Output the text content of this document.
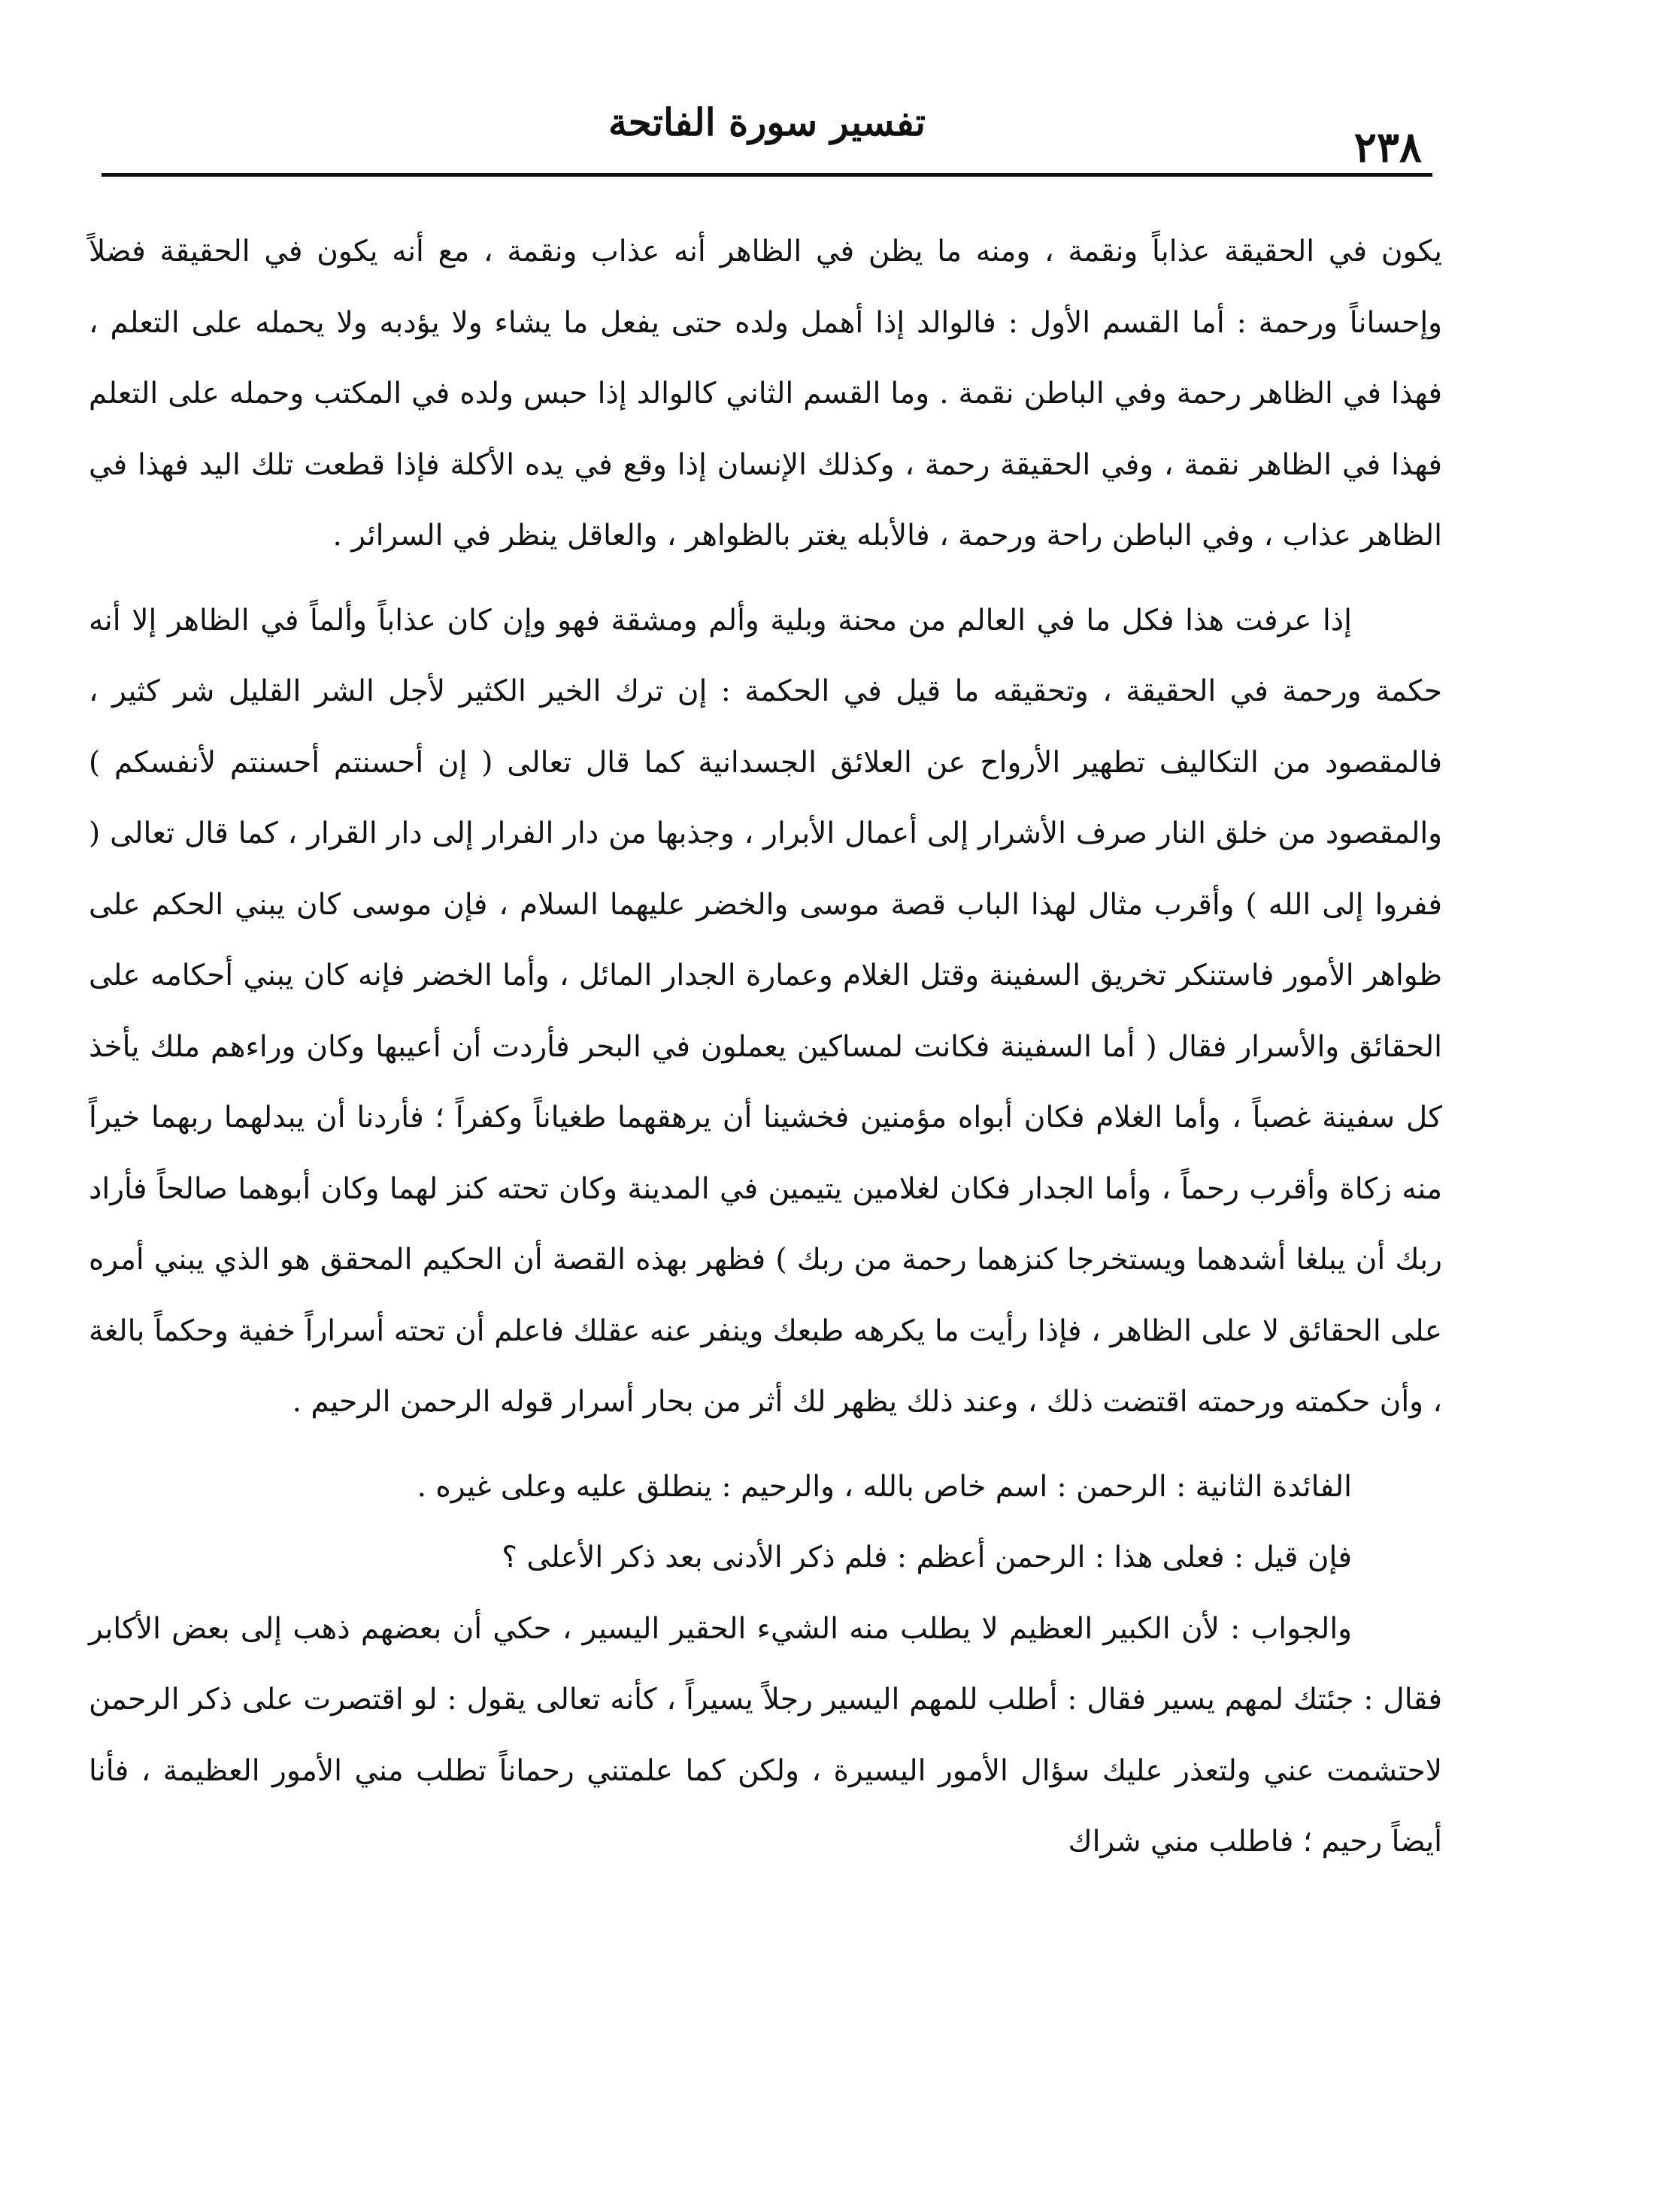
تفسير سورة الفاتحة
٢٣٨

يكون في الحقيقة عذاباً ونقمة ، ومنه ما يظن في الظاهر أنه عذاب ونقمة ، مع أنه يكون في الحقيقة فضلاً وإحساناً ورحمة : أما القسم الأول : فالوالد إذا أهمل ولده حتى يفعل ما يشاء ولا يؤدبه ولا يحمله على التعلم ، فهذا في الظاهر رحمة وفي الباطن نقمة . وما القسم الثاني كالوالد إذا حبس ولده في المكتب وحمله على التعلم فهذا في الظاهر نقمة ، وفي الحقيقة رحمة ، وكذلك الإنسان إذا وقع في يده الأكلة فإذا قطعت تلك اليد فهذا في الظاهر عذاب ، وفي الباطن راحة ورحمة ، فالأبله يغتر بالظواهر ، والعاقل ينظر في السرائر .

إذا عرفت هذا فكل ما في العالم من محنة وبلية وألم ومشقة فهو وإن كان عذاباً وألماً في الظاهر إلا أنه حكمة ورحمة في الحقيقة ، وتحقيقه ما قيل في الحكمة : إن ترك الخير الكثير لأجل الشر القليل شر كثير ، فالمقصود من التكاليف تطهير الأرواح عن العلائق الجسدانية كما قال تعالى ( إن أحسنتم أحسنتم لأنفسكم ) والمقصود من خلق النار صرف الأشرار إلى أعمال الأبرار ، وجذبها من دار الفرار إلى دار القرار ، كما قال تعالى ( ففروا إلى الله ) وأقرب مثال لهذا الباب قصة موسى والخضر عليهما السلام ، فإن موسى كان يبني الحكم على ظواهر الأمور فاستنكر تخريق السفينة وقتل الغلام وعمارة الجدار المائل ، وأما الخضر فإنه كان يبني أحكامه على الحقائق والأسرار فقال ( أما السفينة فكانت لمساكين يعملون في البحر فأردت أن أعيبها وكان وراءهم ملك يأخذ كل سفينة غصباً ، وأما الغلام فكان أبواه مؤمنين فخشينا أن يرهقهما طغياناً وكفراً ؛ فأردنا أن يبدلهما ربهما خيراً منه زكاة وأقرب رحماً ، وأما الجدار فكان لغلامين يتيمين في المدينة وكان تحته كنز لهما وكان أبوهما صالحاً فأراد ربك أن يبلغا أشدهما ويستخرجا كنزهما رحمة من ربك ) فظهر بهذه القصة أن الحكيم المحقق هو الذي يبني أمره على الحقائق لا على الظاهر ، فإذا رأيت ما يكرهه طبعك وينفر عنه عقلك فاعلم أن تحته أسراراً خفية وحكماً بالغة ، وأن حكمته ورحمته اقتضت ذلك ، وعند ذلك يظهر لك أثر من بحار أسرار قوله الرحمن الرحيم .

الفائدة الثانية : الرحمن : اسم خاص بالله ، والرحيم : ينطلق عليه وعلى غيره .

فإن قيل : فعلى هذا : الرحمن أعظم : فلم ذكر الأدنى بعد ذكر الأعلى ؟

والجواب : لأن الكبير العظيم لا يطلب منه الشيء الحقير اليسير ، حكي أن بعضهم ذهب إلى بعض الأكابر فقال : جئتك لمهم يسير فقال : أطلب للمهم اليسير رجلاً يسيراً ، كأنه تعالى يقول : لو اقتصرت على ذكر الرحمن لاحتشمت عني ولتعذر عليك سؤال الأمور اليسيرة ، ولكن كما علمتني رحماناً تطلب مني الأمور العظيمة ، فأنا أيضاً رحيم ؛ فاطلب مني شراك
